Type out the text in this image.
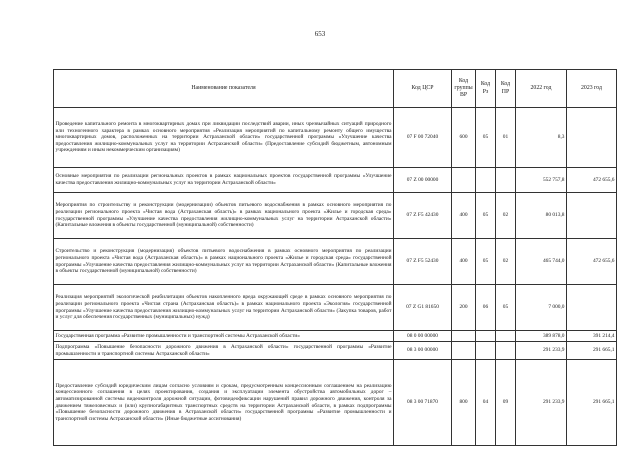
653
Наименование показателя	Код ЦСР	Код группы ВР	Код Рз	Код ПР	2022 год	2023 год
Проведение капитального ремонта в многоквартирных домах при ликвидации последствий аварии, иных чрезвычайных ситуаций природного или техногенного характера в рамках основного мероприятия «Реализация мероприятий по капитальному ремонту общего имущества многоквартирных домов, расположенных на территории Астраханской области» государственной программы «Улучшение качества предоставления жилищно-коммунальных услуг на территории Астраханской области» (Предоставление субсидий бюджетным, автономным учреждениям и иным некоммерческим организациям)	07 F 00 72040	600	05	01	8,3	
Основные мероприятия по реализации региональных проектов в рамках национальных проектов государственной программы «Улучшение качества предоставления жилищно-коммунальных услуг на территории Астраханской области»	07 Z 00 00000				552 757,8	472 655,6
Мероприятия по строительству и реконструкции (модернизации) объектов питьевого водоснабжения в рамках основного мероприятия по реализации регионального проекта «Чистая вода (Астраханская область)» в рамках национального проекта «Жилье и городская среда» государственной программы «Улучшение качества предоставления жилищно-коммунальных услуг на территории Астраханской области» (Капитальные вложения в объекты государственной (муниципальной) собственности)	07 Z F5 42430	400	05	02	80 013,8	
Строительство и реконструкция (модернизация) объектов питьевого водоснабжения в рамках основного мероприятия по реализации регионального проекта «Чистая вода (Астраханская область)» в рамках национального проекта «Жилье и городская среда» государственной программы «Улучшение качества предоставления жилищно-коммунальных услуг на территории Астраханской области» (Капитальные вложения в объекты государственной (муниципальной) собственности)	07 Z F5 52430	400	05	02	465 744,0	472 655,6
Реализация мероприятий экологической реабилитации объектов накопленного вреда окружающей среде в рамках основного мероприятия по реализации регионального проекта «Чистая страна (Астраханская область)» в рамках национального проекта «Экология» государственной программы «Улучшение качества предоставления жилищно-коммунальных услуг на территории Астраханской области» (Закупка товаров, работ и услуг для обеспечения государственных (муниципальных) нужд)	07 Z G1 81650	200	06	05	7 000,0	
Государственная программа «Развитие промышленности и транспортной системы Астраханской области»	08 0 00 00000				389 878,0	391 214,4
Подпрограмма «Повышение безопасности дорожного движения в Астраханской области» государственной программы «Развитие промышленности и транспортной системы Астраханской области»	08 3 00 00000				291 233,9	291 665,1
Предоставление субсидий юридическим лицам согласно условиям и срокам, предусмотренным концессионным соглашением на реализацию концессионного соглашения в целях проектирования, создания и эксплуатации элемента обустройства автомобильных дорог – автоматизированной системы видеоконтроля дорожной ситуации, фотовидеофиксации нарушений правил дорожного движения, контроля за движением тяжеловесных и (или) крупногабаритных транспортных средств на территории Астраханской области, в рамках подпрограммы «Повышение безопасности дорожного движения в Астраханской области» государственной программы «Развитие промышленности и транспортной системы Астраханской области» (Иные бюджетные ассигнования)	08 3 00 71870	800	04	09	291 233,9	291 665,1
